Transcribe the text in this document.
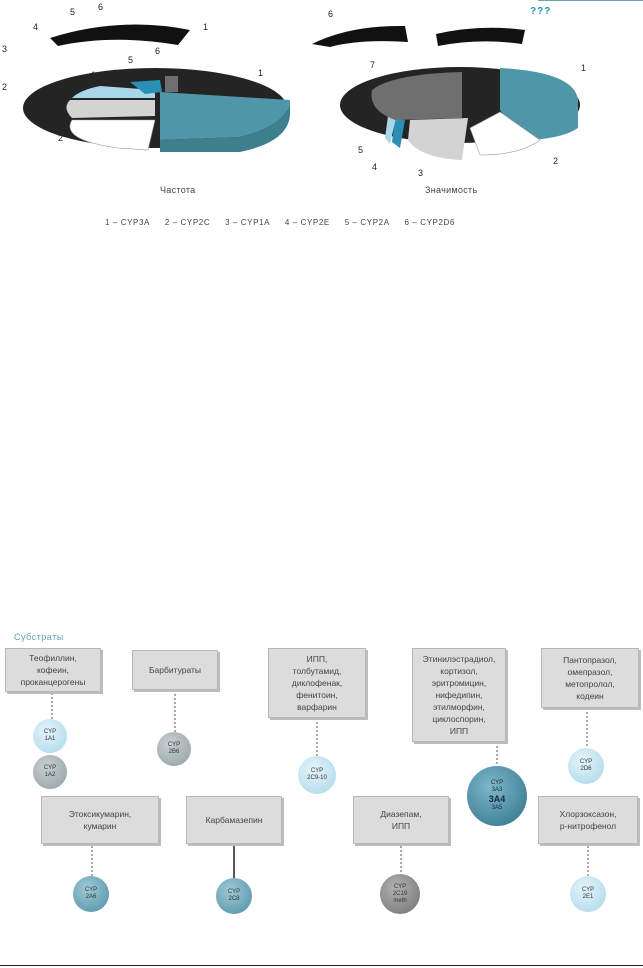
???
5	6
4	1
3
2
1
2
3
4
5
6
Частота
6
1
2
3
4
5
7
Значимость
1 – CYP3A 2 – CYP2C 3 – CYP1A 4 – CYP2E 5 – CYP2A 6 – CYP2D6
Субстраты
Теофиллин,
кофеин,
проканцерогены
Барбитураты
ИПП,
толбутамид,
диклофенак,
фенитоин,
варфарин
Этинилэстрадиол,
кортизол,
эритромицин,
нифедипин,
этилморфин,
циклоспорин,
ИПП
Пантопразол,
омепразол,
метопролол,
кодеин
Этоксикумарин,
кумарин
Карбамазепин
Диазепам,
ИПП
Хлорзоксазон,
р-нитрофенол
CYP
1A1
CYP
1A2
CYP
2B6
CYP
2C9-10
CYP
3A3
3A4
3A5
CYP
2D6
CYP
2A6
CYP
2C8
CYP
2C19
meth
CYP
2E1
